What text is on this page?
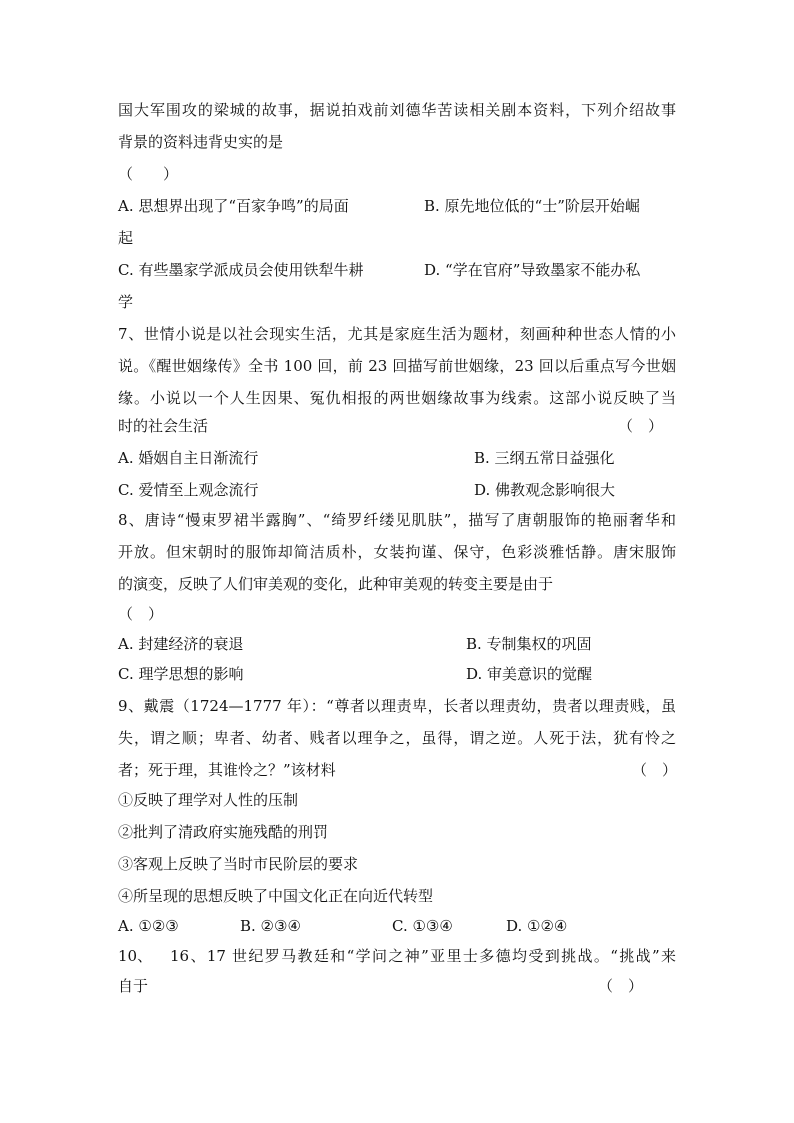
国大军围攻的梁城的故事，据说拍戏前刘德华苦读相关剧本资料，下列介绍故事
背景的资料违背史实的是
（　　）
A. 思想界出现了“百家争鸣”的局面	B. 原先地位低的“士”阶层开始崛
起
C. 有些墨家学派成员会使用铁犁牛耕	D. “学在官府”导致墨家不能办私
学
7、世情小说是以社会现实生活，尤其是家庭生活为题材，刻画种种世态人情的小
说。《醒世姻缘传》全书 100 回，前 23 回描写前世姻缘，23 回以后重点写今世姻
缘。小说以一个人生因果、冤仇相报的两世姻缘故事为线索。这部小说反映了当
时的社会生活	（　）
A. 婚姻自主日渐流行	B. 三纲五常日益强化
C. 爱情至上观念流行	D. 佛教观念影响很大
8、唐诗“慢束罗裙半露胸”、“绮罗纤缕见肌肤”，描写了唐朝服饰的艳丽奢华和
开放。但宋朝时的服饰却简洁质朴，女装拘谨、保守，色彩淡雅恬静。唐宋服饰
的演变，反映了人们审美观的变化，此种审美观的转变主要是由于
（　）
A. 封建经济的衰退	B. 专制集权的巩固
C. 理学思想的影响	D. 审美意识的觉醒
9、戴震（1724—1777 年）：“尊者以理责卑，长者以理责幼，贵者以理责贱，虽
失，谓之顺；卑者、幼者、贱者以理争之，虽得，谓之逆。人死于法，犹有怜之
者；死于理，其谁怜之？”该材料	（　）
①反映了理学对人性的压制
②批判了清政府实施残酷的刑罚
③客观上反映了当时市民阶层的要求
④所呈现的思想反映了中国文化正在向近代转型
A. ①②③	B. ②③④	C. ①③④	D. ①②④
10、 16、17 世纪罗马教廷和“学问之神”亚里士多德均受到挑战。“挑战”来
自于	（　）
